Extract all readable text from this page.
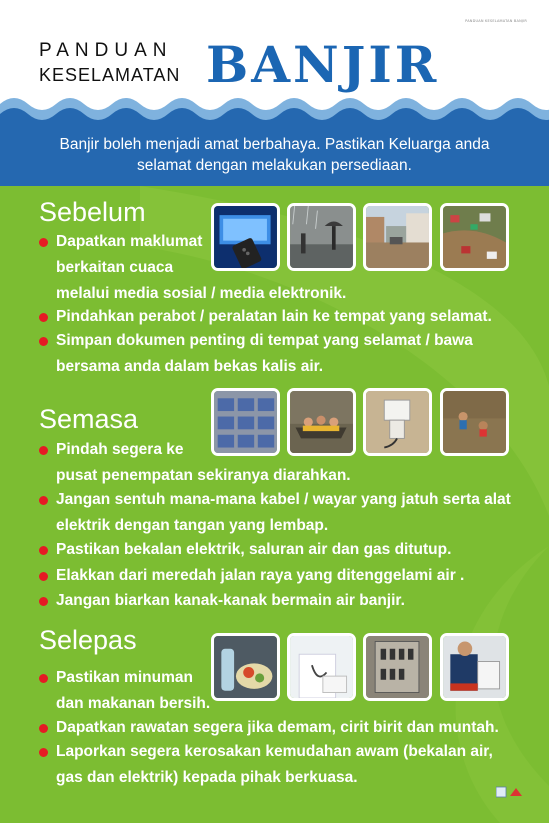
PANDUAN KESELAMATAN BANJIR
PANDUAN
KESELAMATAN BANJIR
Banjir boleh menjadi amat berbahaya. Pastikan Keluarga anda
selamat dengan melakukan persediaan.
Sebelum
Dapatkan maklumat
berkaitan cuaca
melalui media sosial / media elektronik.
Pindahkan perabot / peralatan lain ke tempat yang selamat.
Simpan dokumen penting di tempat yang selamat / bawa
bersama anda dalam bekas kalis air.
Semasa
Pindah segera ke
pusat penempatan sekiranya diarahkan.
Jangan sentuh mana-mana kabel / wayar yang jatuh serta alat
elektrik dengan tangan yang lembap.
Pastikan bekalan elektrik, saluran air dan gas ditutup.
Elakkan dari meredah jalan raya yang ditenggelami air .
Jangan biarkan kanak-kanak bermain air banjir.
Selepas
Pastikan minuman
dan makanan bersih.
Dapatkan rawatan segera jika demam, cirit birit dan muntah.
Laporkan segera kerosakan kemudahan awam (bekalan air,
gas dan elektrik) kepada pihak berkuasa.
